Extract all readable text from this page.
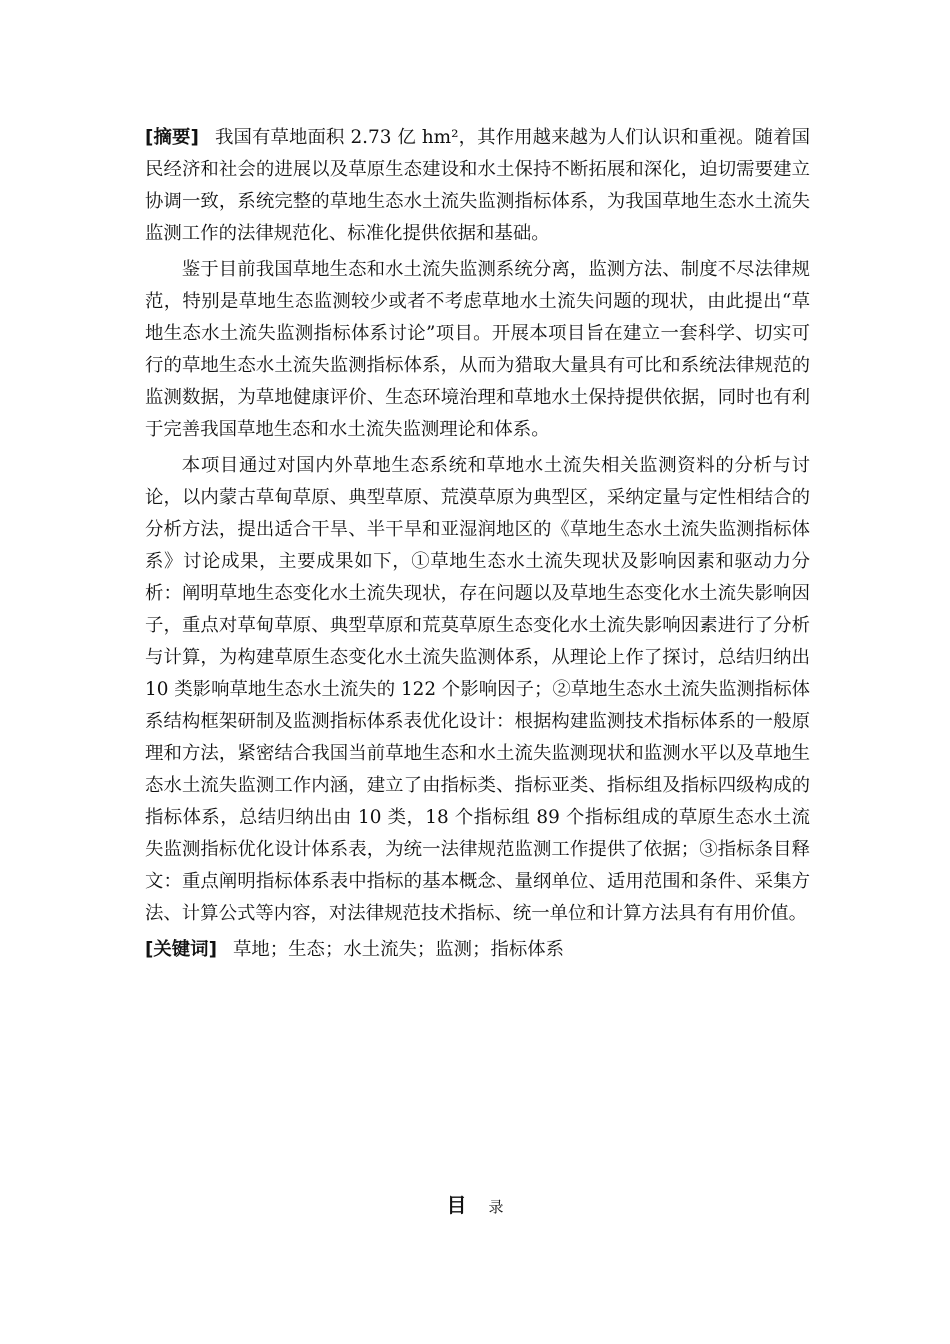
[摘要] 我国有草地面积 2.73 亿 hm²，其作用越来越为人们认识和重视。随着国民经济和社会的进展以及草原生态建设和水土保持不断拓展和深化，迫切需要建立协调一致，系统完整的草地生态水土流失监测指标体系，为我国草地生态水土流失监测工作的法律规范化、标准化提供依据和基础。

鉴于目前我国草地生态和水土流失监测系统分离，监测方法、制度不尽法律规范，特别是草地生态监测较少或者不考虑草地水土流失问题的现状，由此提出“草地生态水土流失监测指标体系讨论”项目。开展本项目旨在建立一套科学、切实可行的草地生态水土流失监测指标体系，从而为猎取大量具有可比和系统法律规范的监测数据，为草地健康评价、生态环境治理和草地水土保持提供依据，同时也有利于完善我国草地生态和水土流失监测理论和体系。

本项目通过对国内外草地生态系统和草地水土流失相关监测资料的分析与讨论，以内蒙古草甸草原、典型草原、荒漠草原为典型区，采纳定量与定性相结合的分析方法，提出适合干旱、半干旱和亚湿润地区的《草地生态水土流失监测指标体系》讨论成果，主要成果如下，①草地生态水土流失现状及影响因素和驱动力分析：阐明草地生态变化水土流失现状，存在问题以及草地生态变化水土流失影响因子，重点对草甸草原、典型草原和荒莫草原生态变化水土流失影响因素进行了分析与计算，为构建草原生态变化水土流失监测体系，从理论上作了探讨，总结归纳出 10 类影响草地生态水土流失的 122 个影响因子；②草地生态水土流失监测指标体系结构框架研制及监测指标体系表优化设计：根据构建监测技术指标体系的一般原理和方法，紧密结合我国当前草地生态和水土流失监测现状和监测水平以及草地生态水土流失监测工作内涵，建立了由指标类、指标亚类、指标组及指标四级构成的指标体系，总结归纳出由 10 类，18 个指标组 89 个指标组成的草原生态水土流失监测指标优化设计体系表，为统一法律规范监测工作提供了依据；③指标条目释文：重点阐明指标体系表中指标的基本概念、量纲单位、适用范围和条件、采集方法、计算公式等内容，对法律规范技术指标、统一单位和计算方法具有有用价值。

[关键词] 草地；生态；水土流失；监测；指标体系

目 录
